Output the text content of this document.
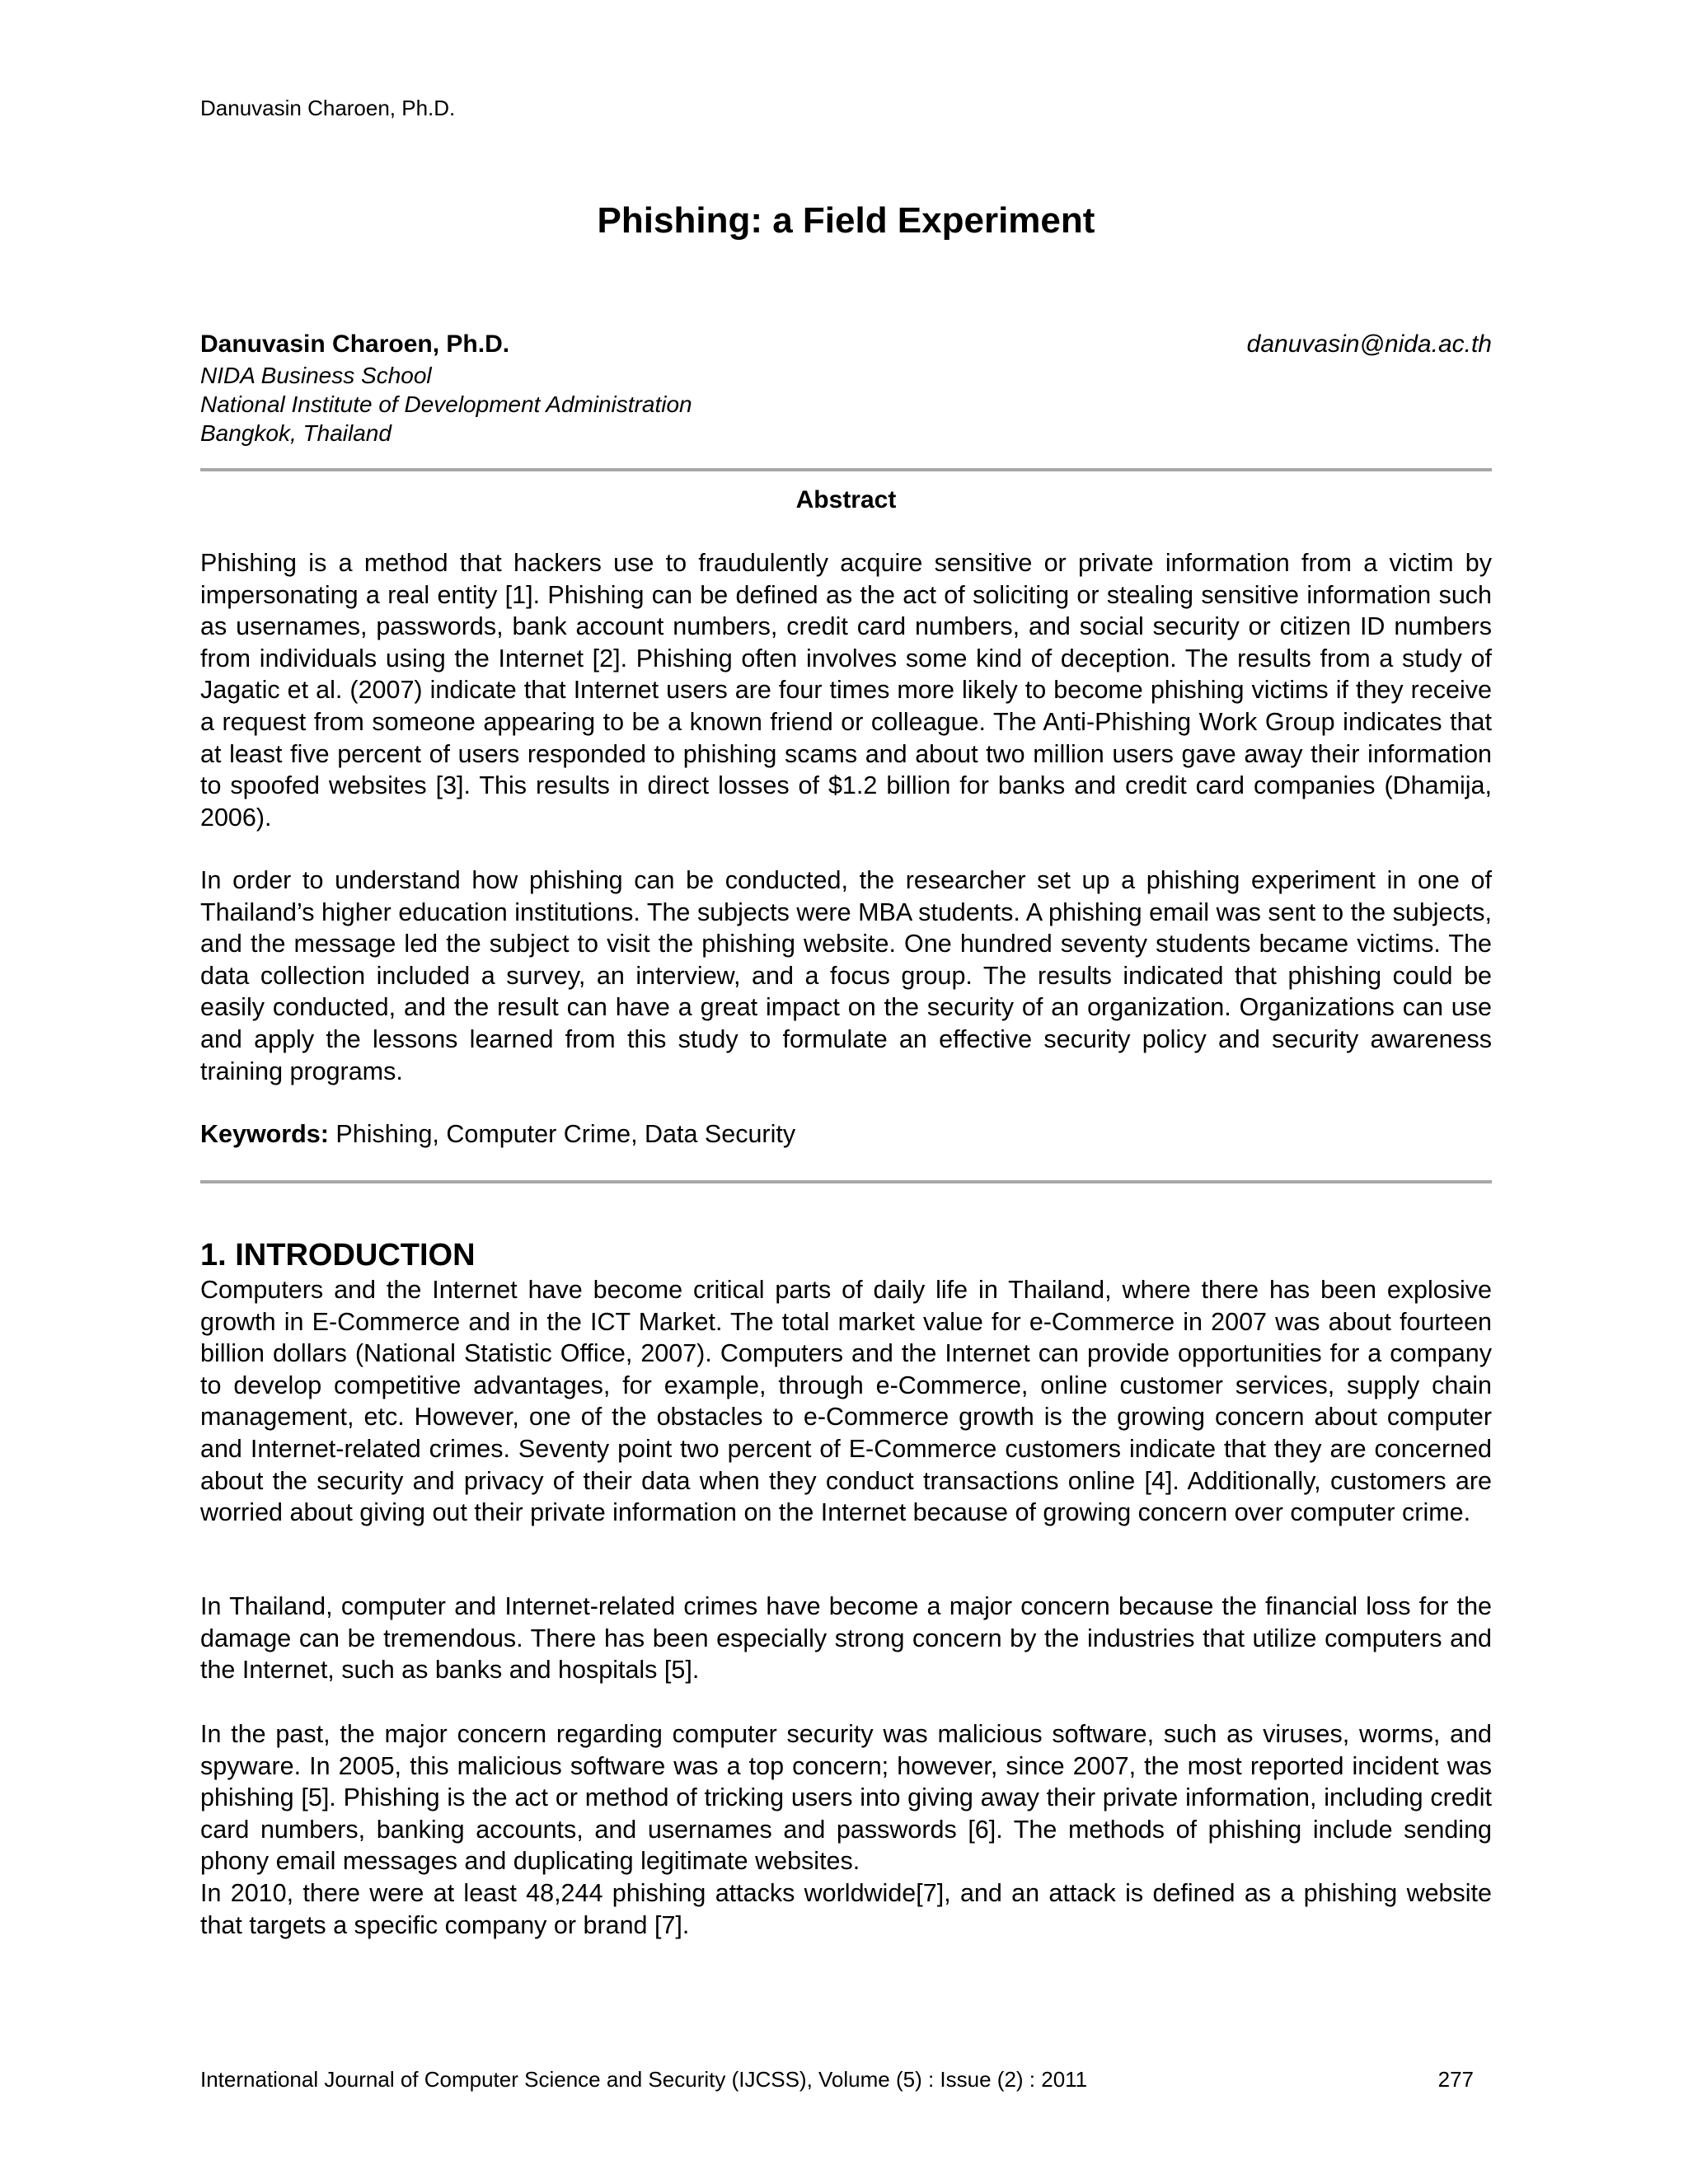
Danuvasin Charoen, Ph.D.
Phishing: a Field Experiment
Danuvasin Charoen, Ph.D.	danuvasin@nida.ac.th
NIDA Business School
National Institute of Development Administration
Bangkok, Thailand
Abstract

Phishing is a method that hackers use to fraudulently acquire sensitive or private information from a victim by impersonating a real entity [1]. Phishing can be defined as the act of soliciting or stealing sensitive information such as usernames, passwords, bank account numbers, credit card numbers, and social security or citizen ID numbers from individuals using the Internet [2]. Phishing often involves some kind of deception. The results from a study of Jagatic et al. (2007) indicate that Internet users are four times more likely to become phishing victims if they receive a request from someone appearing to be a known friend or colleague. The Anti-Phishing Work Group indicates that at least five percent of users responded to phishing scams and about two million users gave away their information to spoofed websites [3]. This results in direct losses of $1.2 billion for banks and credit card companies (Dhamija, 2006).

In order to understand how phishing can be conducted, the researcher set up a phishing experiment in one of Thailand’s higher education institutions. The subjects were MBA students. A phishing email was sent to the subjects, and the message led the subject to visit the phishing website. One hundred seventy students became victims. The data collection included a survey, an interview, and a focus group. The results indicated that phishing could be easily conducted, and the result can have a great impact on the security of an organization. Organizations can use and apply the lessons learned from this study to formulate an effective security policy and security awareness training programs.

Keywords: Phishing, Computer Crime, Data Security

1. INTRODUCTION

Computers and the Internet have become critical parts of daily life in Thailand, where there has been explosive growth in E-Commerce and in the ICT Market. The total market value for e-Commerce in 2007 was about fourteen billion dollars (National Statistic Office, 2007). Computers and the Internet can provide opportunities for a company to develop competitive advantages, for example, through e-Commerce, online customer services, supply chain management, etc. However, one of the obstacles to e-Commerce growth is the growing concern about computer and Internet-related crimes. Seventy point two percent of E-Commerce customers indicate that they are concerned about the security and privacy of their data when they conduct transactions online [4]. Additionally, customers are worried about giving out their private information on the Internet because of growing concern over computer crime.

In Thailand, computer and Internet-related crimes have become a major concern because the financial loss for the damage can be tremendous. There has been especially strong concern by the industries that utilize computers and the Internet, such as banks and hospitals [5].

In the past, the major concern regarding computer security was malicious software, such as viruses, worms, and spyware. In 2005, this malicious software was a top concern; however, since 2007, the most reported incident was phishing [5]. Phishing is the act or method of tricking users into giving away their private information, including credit card numbers, banking accounts, and usernames and passwords [6]. The methods of phishing include sending phony email messages and duplicating legitimate websites.

In 2010, there were at least 48,244 phishing attacks worldwide[7], and an attack is defined as a phishing website that targets a specific company or brand [7].

International Journal of Computer Science and Security (IJCSS), Volume (5) : Issue (2) : 2011	277
